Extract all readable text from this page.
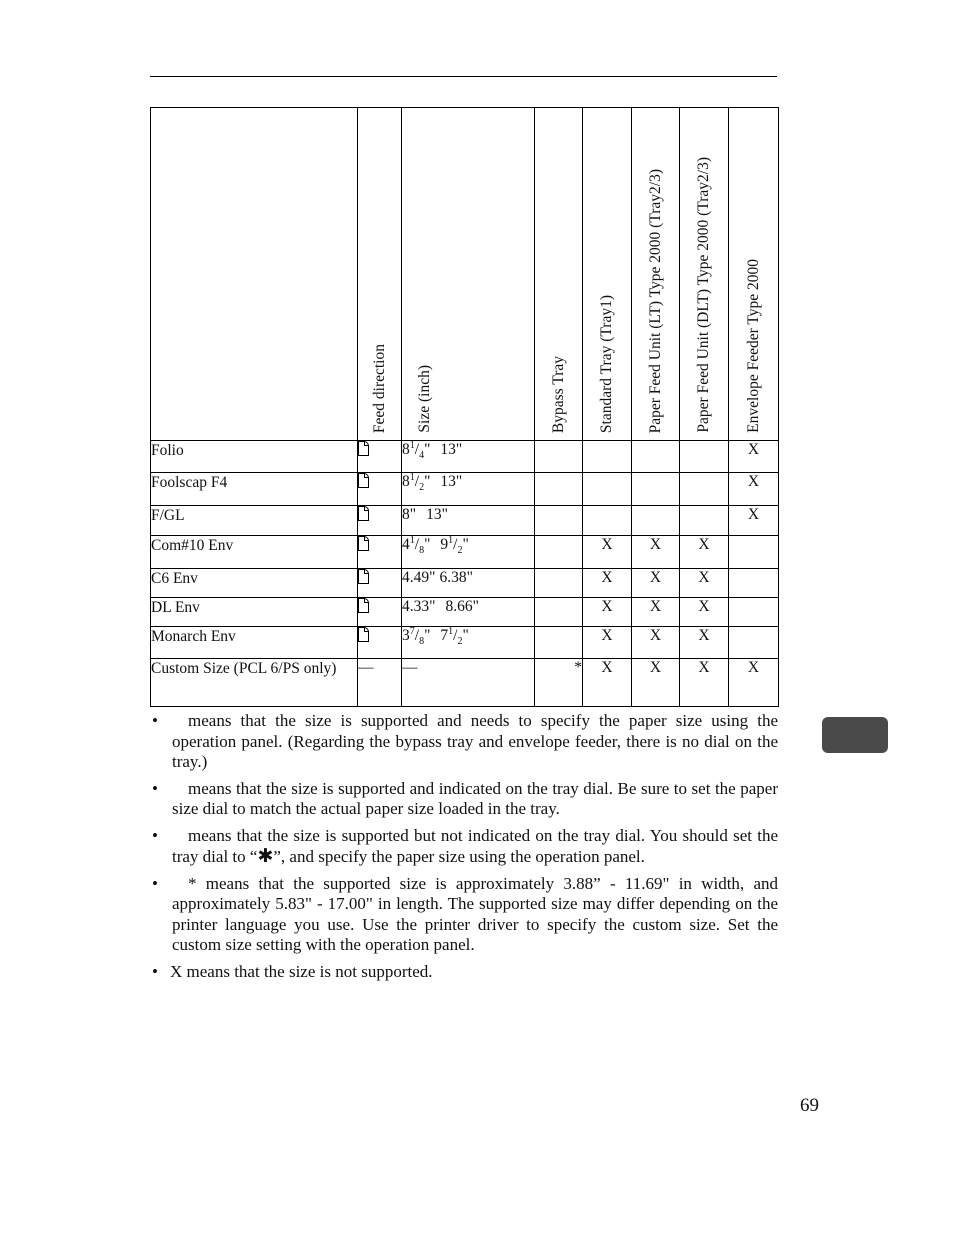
	Feed direction	Size (inch)	Bypass Tray	Standard Tray (Tray1)	Paper Feed Unit (LT) Type 2000 (Tray2/3)	Paper Feed Unit (DLT) Type 2000 (Tray2/3)	Envelope Feeder Type 2000

Folio		$8^1/_4$" 13"					X
Foolscap F4		$8^1/_2$" 13"					X
F/GL		8" 13"					X
Com#10 Env		$4^1/_8$" $9^1/_2$"		X	X	X	
C6 Env		4.49" 6.38"		X	X	X	
DL Env		4.33" 8.66"		X	X	X	
Monarch Env		$3^7/_8$" $7^1/_2$"		X	X	X	
Custom Size (PCL 6/PS only)	—	—	*	X	X	X	X
• means that the size is supported and needs to specify the paper size using the operation panel. (Regarding the bypass tray and envelope feeder, there is no dial on the tray.)
• means that the size is supported and indicated on the tray dial. Be sure to set the paper size dial to match the actual paper size loaded in the tray.
• means that the size is supported but not indicated on the tray dial. You should set the tray dial to “✱”, and specify the paper size using the operation panel.
• * means that the supported size is approximately 3.88” - 11.69" in width, and approximately 5.83" - 17.00" in length. The supported size may differ depending on the printer language you use. Use the printer driver to specify the custom size. Set the custom size setting with the operation panel.
• X means that the size is not supported.
69
